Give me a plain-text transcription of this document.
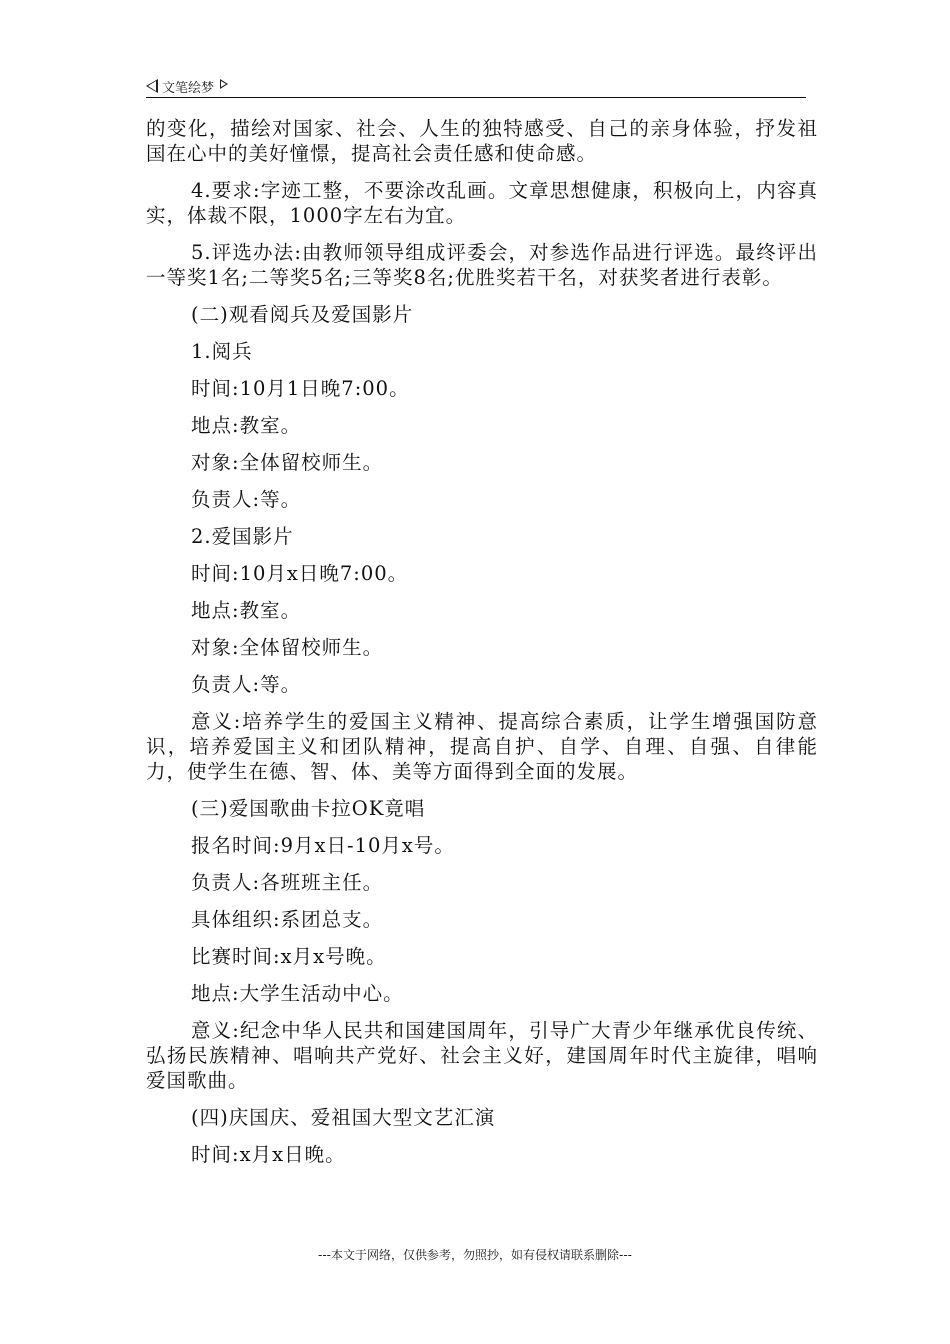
文笔绘梦

的变化，描绘对国家、社会、人生的独特感受、自己的亲身体验，抒发祖国在心中的美好憧憬，提高社会责任感和使命感。

4.要求:字迹工整，不要涂改乱画。文章思想健康，积极向上，内容真实，体裁不限，1000字左右为宜。

5.评选办法:由教师领导组成评委会，对参选作品进行评选。最终评出一等奖1名;二等奖5名;三等奖8名;优胜奖若干名，对获奖者进行表彰。

(二)观看阅兵及爱国影片

1.阅兵

时间:10月1日晚7:00。

地点:教室。

对象:全体留校师生。

负责人:等。

2.爱国影片

时间:10月x日晚7:00。

地点:教室。

对象:全体留校师生。

负责人:等。

意义:培养学生的爱国主义精神、提高综合素质，让学生增强国防意识，培养爱国主义和团队精神，提高自护、自学、自理、自强、自律能力，使学生在德、智、体、美等方面得到全面的发展。

(三)爱国歌曲卡拉OK竟唱

报名时间:9月x日-10月x号。

负责人:各班班主任。

具体组织:系团总支。

比赛时间:x月x号晚。

地点:大学生活动中心。

意义:纪念中华人民共和国建国周年，引导广大青少年继承优良传统、弘扬民族精神、唱响共产党好、社会主义好，建国周年时代主旋律，唱响爱国歌曲。

(四)庆国庆、爱祖国大型文艺汇演

时间:x月x日晚。

---本文于网络，仅供参考，勿照抄，如有侵权请联系删除---
